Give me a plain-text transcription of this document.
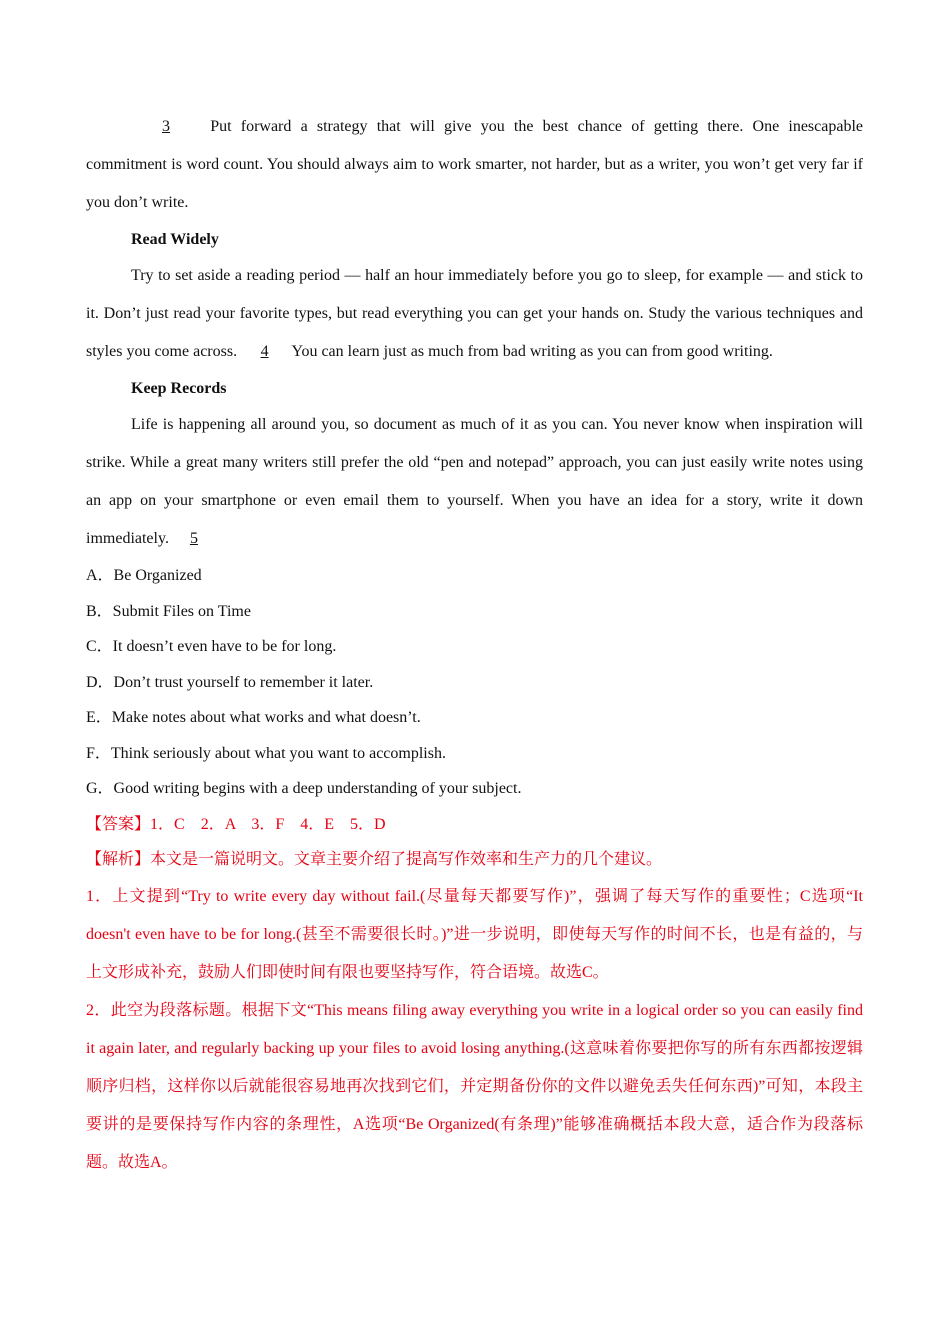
3	Put forward a strategy that will give you the best chance of getting there. One inescapable commitment is word count. You should always aim to work smarter, not harder, but as a writer, you won’t get very far if you don’t write.

Read Widely

Try to set aside a reading period — half an hour immediately before you go to sleep, for example — and stick to it. Don’t just read your favorite types, but read everything you can get your hands on. Study the various techniques and styles you come across. 4 You can learn just as much from bad writing as you can from good writing.

Keep Records

Life is happening all around you, so document as much of it as you can. You never know when inspiration will strike. While a great many writers still prefer the old “pen and notepad” approach, you can just easily write notes using an app on your smartphone or even email them to yourself. When you have an idea for a story, write it down immediately. 5

A．Be Organized

B．Submit Files on Time

C．It doesn’t even have to be for long.

D．Don’t trust yourself to remember it later.

E．Make notes about what works and what doesn’t.

F．Think seriously about what you want to accomplish.

G．Good writing begins with a deep understanding of your subject.

【答案】1．C　2．A　3．F　4．E　5．D

【解析】本文是一篇说明文。文章主要介绍了提高写作效率和生产力的几个建议。

1．上文提到“Try to write every day without fail.(尽量每天都要写作)”，强调了每天写作的重要性；C选项“It doesn't even have to be for long.(甚至不需要很长时。)”进一步说明，即使每天写作的时间不长，也是有益的，与上文形成补充，鼓励人们即使时间有限也要坚持写作，符合语境。故选C。

2．此空为段落标题。根据下文“This means filing away everything you write in a logical order so you can easily find it again later, and regularly backing up your files to avoid losing anything.(这意味着你要把你写的所有东西都按逻辑顺序归档，这样你以后就能很容易地再次找到它们，并定期备份你的文件以避免丢失任何东西)”可知，本段主要讲的是要保持写作内容的条理性，A选项“Be Organized(有条理)”能够准确概括本段大意，适合作为段落标题。故选A。
